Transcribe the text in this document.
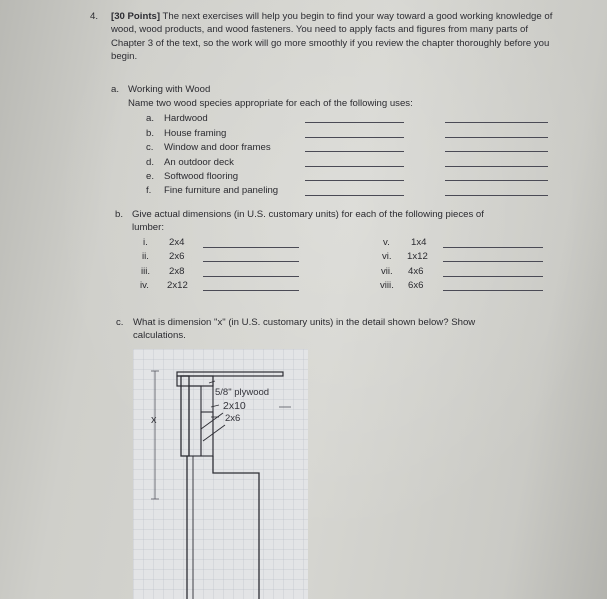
4. [30 Points] The next exercises will help you begin to find your way toward a good working knowledge of wood, wood products, and wood fasteners. You need to apply facts and figures from many parts of Chapter 3 of the text, so the work will go more smoothly if you review the chapter thoroughly before you begin.
a. Working with Wood
Name two wood species appropriate for each of the following uses:
a. Hardwood
b. House framing
c. Window and door frames
d. An outdoor deck
e. Softwood flooring
f. Fine furniture and paneling
b. Give actual dimensions (in U.S. customary units) for each of the following pieces of
lumber:
i. 2x4
ii. 2x6
iii. 2x8
iv. 2x12
v. 1x4
vi. 1x12
vii. 4x6
viii. 6x6
c. What is dimension "x" (in U.S. customary units) in the detail shown below? Show
calculations.
5/8" plywood
2x10
2x6
x
